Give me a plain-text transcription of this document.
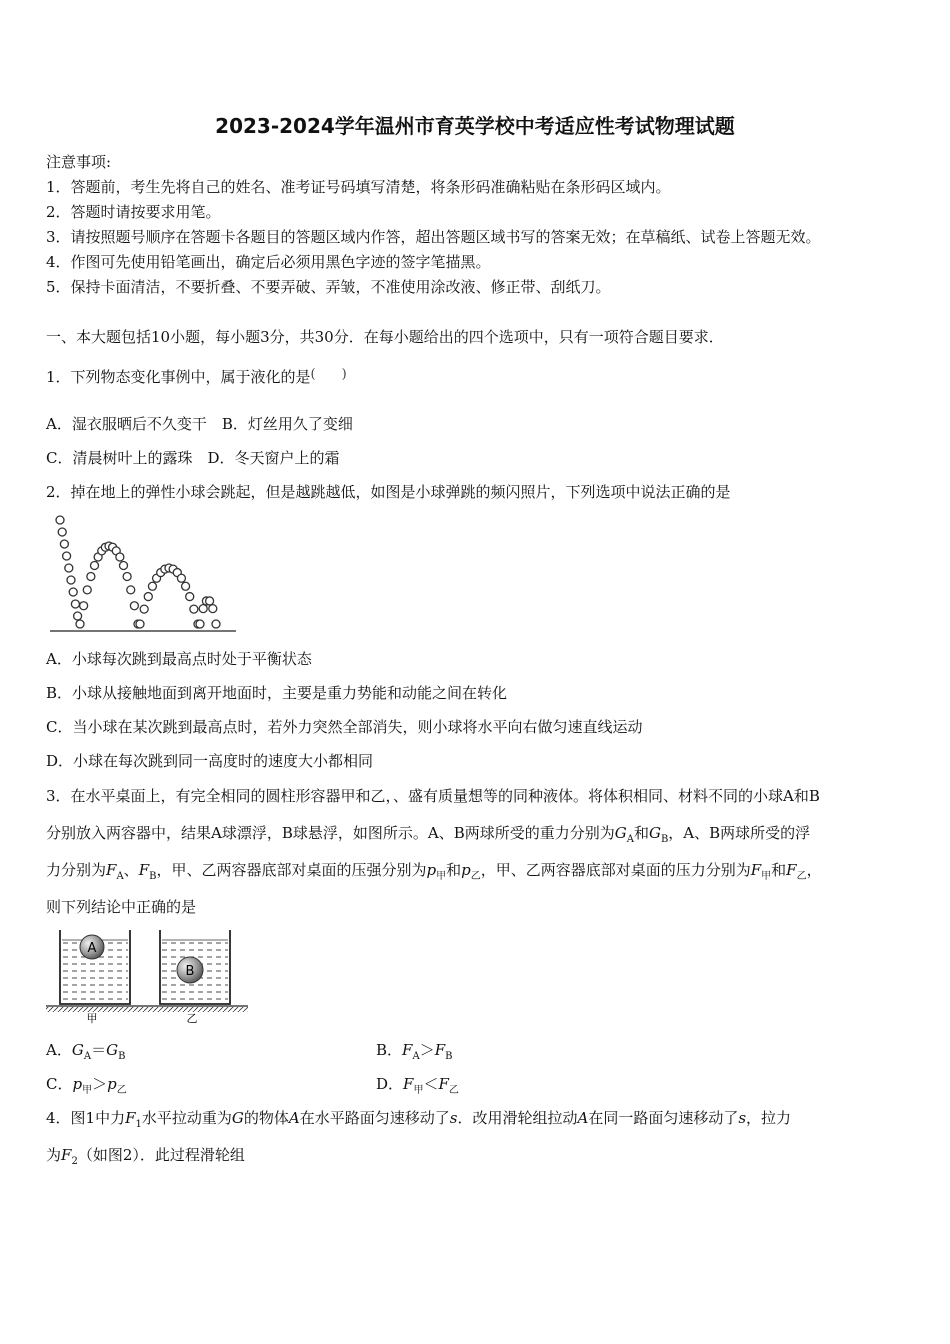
2023-2024学年温州市育英学校中考适应性考试物理试题
注意事项:
1．答题前，考生先将自己的姓名、准考证号码填写清楚，将条形码准确粘贴在条形码区域内。
2．答题时请按要求用笔。
3．请按照题号顺序在答题卡各题目的答题区域内作答，超出答题区域书写的答案无效；在草稿纸、试卷上答题无效。
4．作图可先使用铅笔画出，确定后必须用黑色字迹的签字笔描黑。
5．保持卡面清洁，不要折叠、不要弄破、弄皱，不准使用涂改液、修正带、刮纸刀。
一、本大题包括10小题，每小题3分，共30分．在每小题给出的四个选项中，只有一项符合题目要求．
1．下列物态变化事例中，属于液化的是(　　)
A．湿衣服晒后不久变干　B．灯丝用久了变细
C．清晨树叶上的露珠　D．冬天窗户上的霜
2．掉在地上的弹性小球会跳起，但是越跳越低，如图是小球弹跳的频闪照片，下列选项中说法正确的是
A．小球每次跳到最高点时处于平衡状态
B．小球从接触地面到离开地面时，主要是重力势能和动能之间在转化
C．当小球在某次跳到最高点时，若外力突然全部消失，则小球将水平向右做匀速直线运动
D．小球在每次跳到同一高度时的速度大小都相同
3．在水平桌面上，有完全相同的圆柱形容器甲和乙，、盛有质量想等的同种液体。将体积相同、材料不同的小球A和B
分别放入两容器中，结果A球漂浮，B球悬浮，如图所示。A、B两球所受的重力分别为$G_A$和$G_B$，A、B两球所受的浮
力分别为$F_A$、$F_B$，甲、乙两容器底部对桌面的压强分别为$p_甲$和$p_乙$，甲、乙两容器底部对桌面的压力分别为$F_甲$和$F_乙$，
则下列结论中正确的是
A
B
甲	乙
A．$G_A=G_B$	B．$F_A>F_B$
C．$p_甲>p_乙$	D．$F_甲<F_乙$
4．图1中力$F_1$水平拉动重为G的物体A在水平路面匀速移动了s．改用滑轮组拉动A在同一路面匀速移动了s，拉力
为$F_2$（如图2）．此过程滑轮组
